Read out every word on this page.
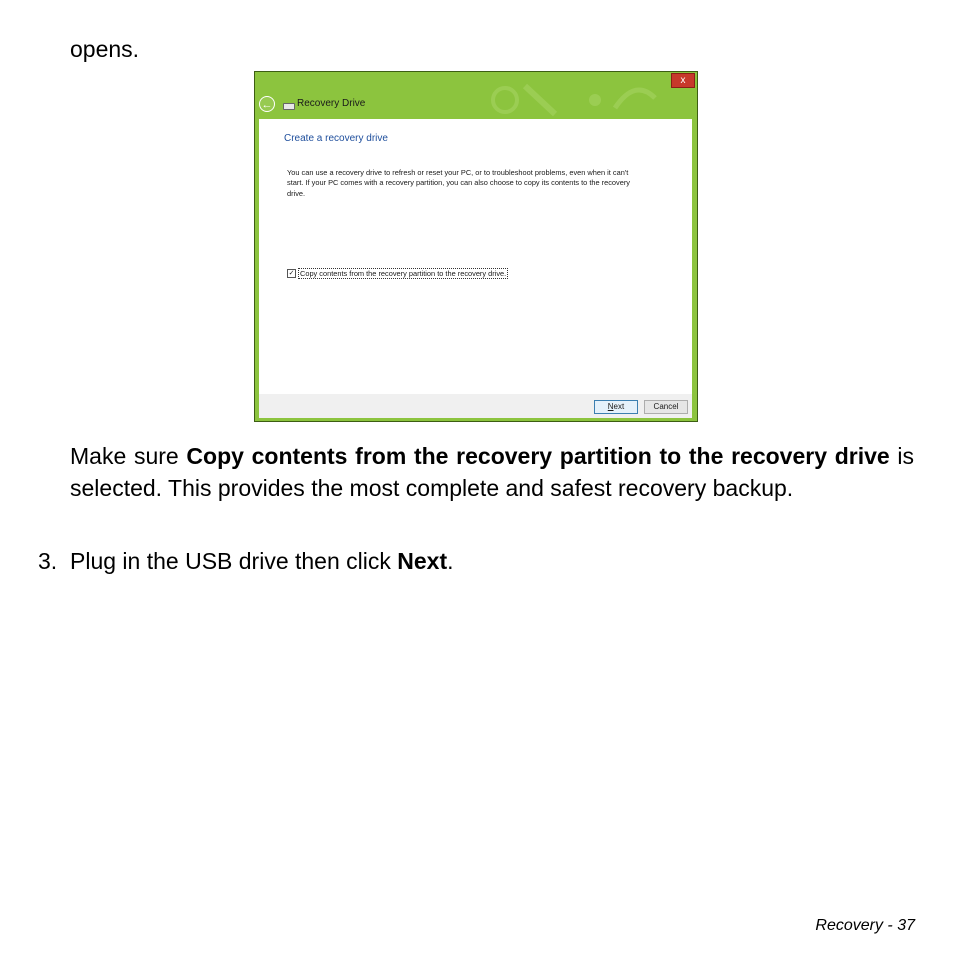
opens.
x
← Recovery Drive
Create a recovery drive
You can use a recovery drive to refresh or reset your PC, or to troubleshoot problems, even when it can't start. If your PC comes with a recovery partition, you can also choose to copy its contents to the recovery drive.
✓ Copy contents from the recovery partition to the recovery drive.
Next	Cancel
Make sure Copy contents from the recovery partition to the recovery drive is selected. This provides the most complete and safest recovery backup.
3. Plug in the USB drive then click Next.
Recovery - 37
